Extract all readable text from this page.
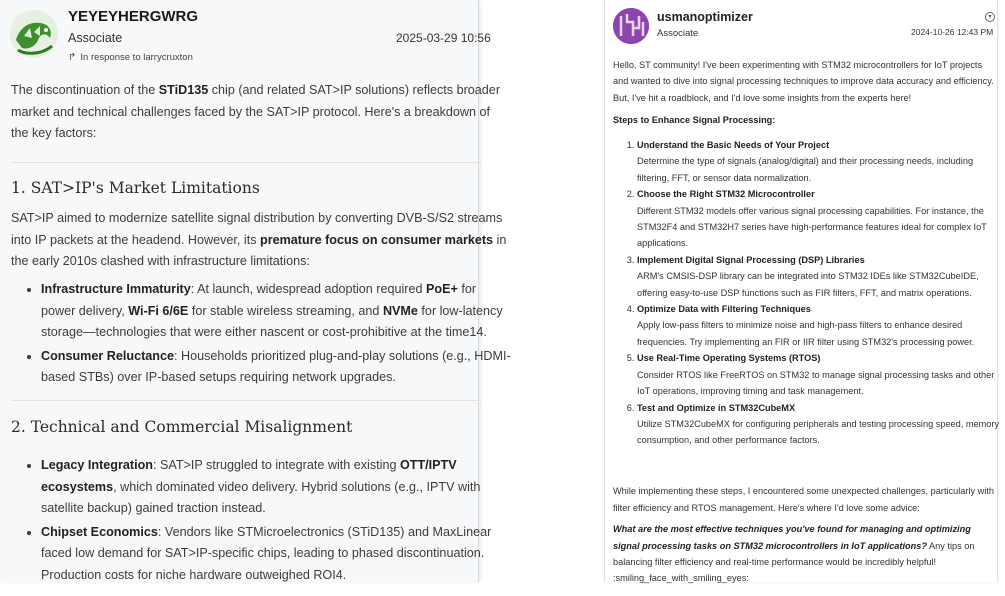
YEYEYHERGWRG
Associate	2025-03-29 10:56
↱ In response to larrycruxton

The discontinuation of the STiD135 chip (and related SAT>IP solutions) reflects broader market and technical challenges faced by the SAT>IP protocol. Here's a breakdown of the key factors:

1. SAT>IP's Market Limitations

SAT>IP aimed to modernize satellite signal distribution by converting DVB-S/S2 streams into IP packets at the headend. However, its premature focus on consumer markets in the early 2010s clashed with infrastructure limitations:

• Infrastructure Immaturity: At launch, widespread adoption required PoE+ for power delivery, Wi-Fi 6/6E for stable wireless streaming, and NVMe for low-latency storage—technologies that were either nascent or cost-prohibitive at the time14.
• Consumer Reluctance: Households prioritized plug-and-play solutions (e.g., HDMI-based STBs) over IP-based setups requiring network upgrades.
2. Technical and Commercial Misalignment
• Legacy Integration: SAT>IP struggled to integrate with existing OTT/IPTV ecosystems, which dominated video delivery. Hybrid solutions (e.g., IPTV with satellite backup) gained traction instead.
• Chipset Economics: Vendors like STMicroelectronics (STiD135) and MaxLinear faced low demand for SAT>IP-specific chips, leading to phased discontinuation. Production costs for niche hardware outweighed ROI4.
usmanoptimizer
Associate
▾
2024-10-26 12:43 PM

Hello, ST community! I've been experimenting with STM32 microcontrollers for IoT projects and wanted to dive into signal processing techniques to improve data accuracy and efficiency. But, I've hit a roadblock, and I'd love some insights from the experts here!

Steps to Enhance Signal Processing:
1. Understand the Basic Needs of Your Project
Determine the type of signals (analog/digital) and their processing needs, including filtering, FFT, or sensor data normalization.
2. Choose the Right STM32 Microcontroller
Different STM32 models offer various signal processing capabilities. For instance, the STM32F4 and STM32H7 series have high-performance features ideal for complex IoT applications.
3. Implement Digital Signal Processing (DSP) Libraries
ARM's CMSIS-DSP library can be integrated into STM32 IDEs like STM32CubeIDE, offering easy-to-use DSP functions such as FIR filters, FFT, and matrix operations.
4. Optimize Data with Filtering Techniques
Apply low-pass filters to minimize noise and high-pass filters to enhance desired frequencies. Try implementing an FIR or IIR filter using STM32's processing power.
5. Use Real-Time Operating Systems (RTOS)
Consider RTOS like FreeRTOS on STM32 to manage signal processing tasks and other IoT operations, improving timing and task management.
6. Test and Optimize in STM32CubeMX
Utilize STM32CubeMX for configuring peripherals and testing processing speed, memory consumption, and other performance factors.

While implementing these steps, I encountered some unexpected challenges, particularly with filter efficiency and RTOS management. Here's where I'd love some advice:

What are the most effective techniques you've found for managing and optimizing signal processing tasks on STM32 microcontrollers in IoT applications? Any tips on balancing filter efficiency and real-time performance would be incredibly helpful! :smiling_face_with_smiling_eyes:
